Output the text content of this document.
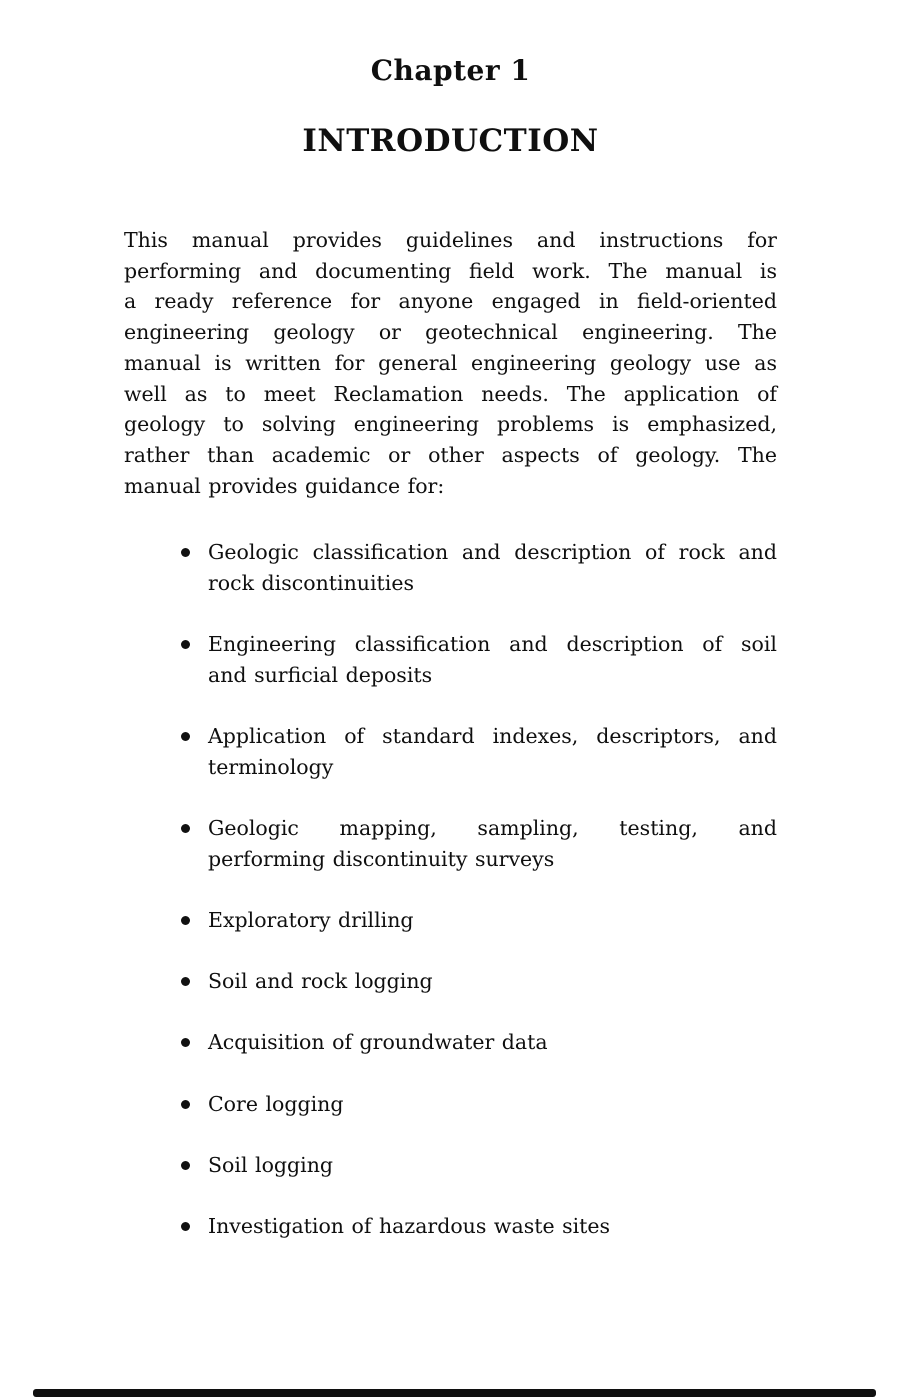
Chapter 1
INTRODUCTION
This manual provides guidelines and instructions for
performing and documenting field work. The manual is
a ready reference for anyone engaged in field-oriented
engineering geology or geotechnical engineering. The
manual is written for general engineering geology use as
well as to meet Reclamation needs. The application of
geology to solving engineering problems is emphasized,
rather than academic or other aspects of geology. The
manual provides guidance for:
Geologic classification and description of rock and
rock discontinuities
Engineering classification and description of soil
and surficial deposits
Application of standard indexes, descriptors, and
terminology
Geologic mapping, sampling, testing, and
performing discontinuity surveys
Exploratory drilling
Soil and rock logging
Acquisition of groundwater data
Core logging
Soil logging
Investigation of hazardous waste sites
